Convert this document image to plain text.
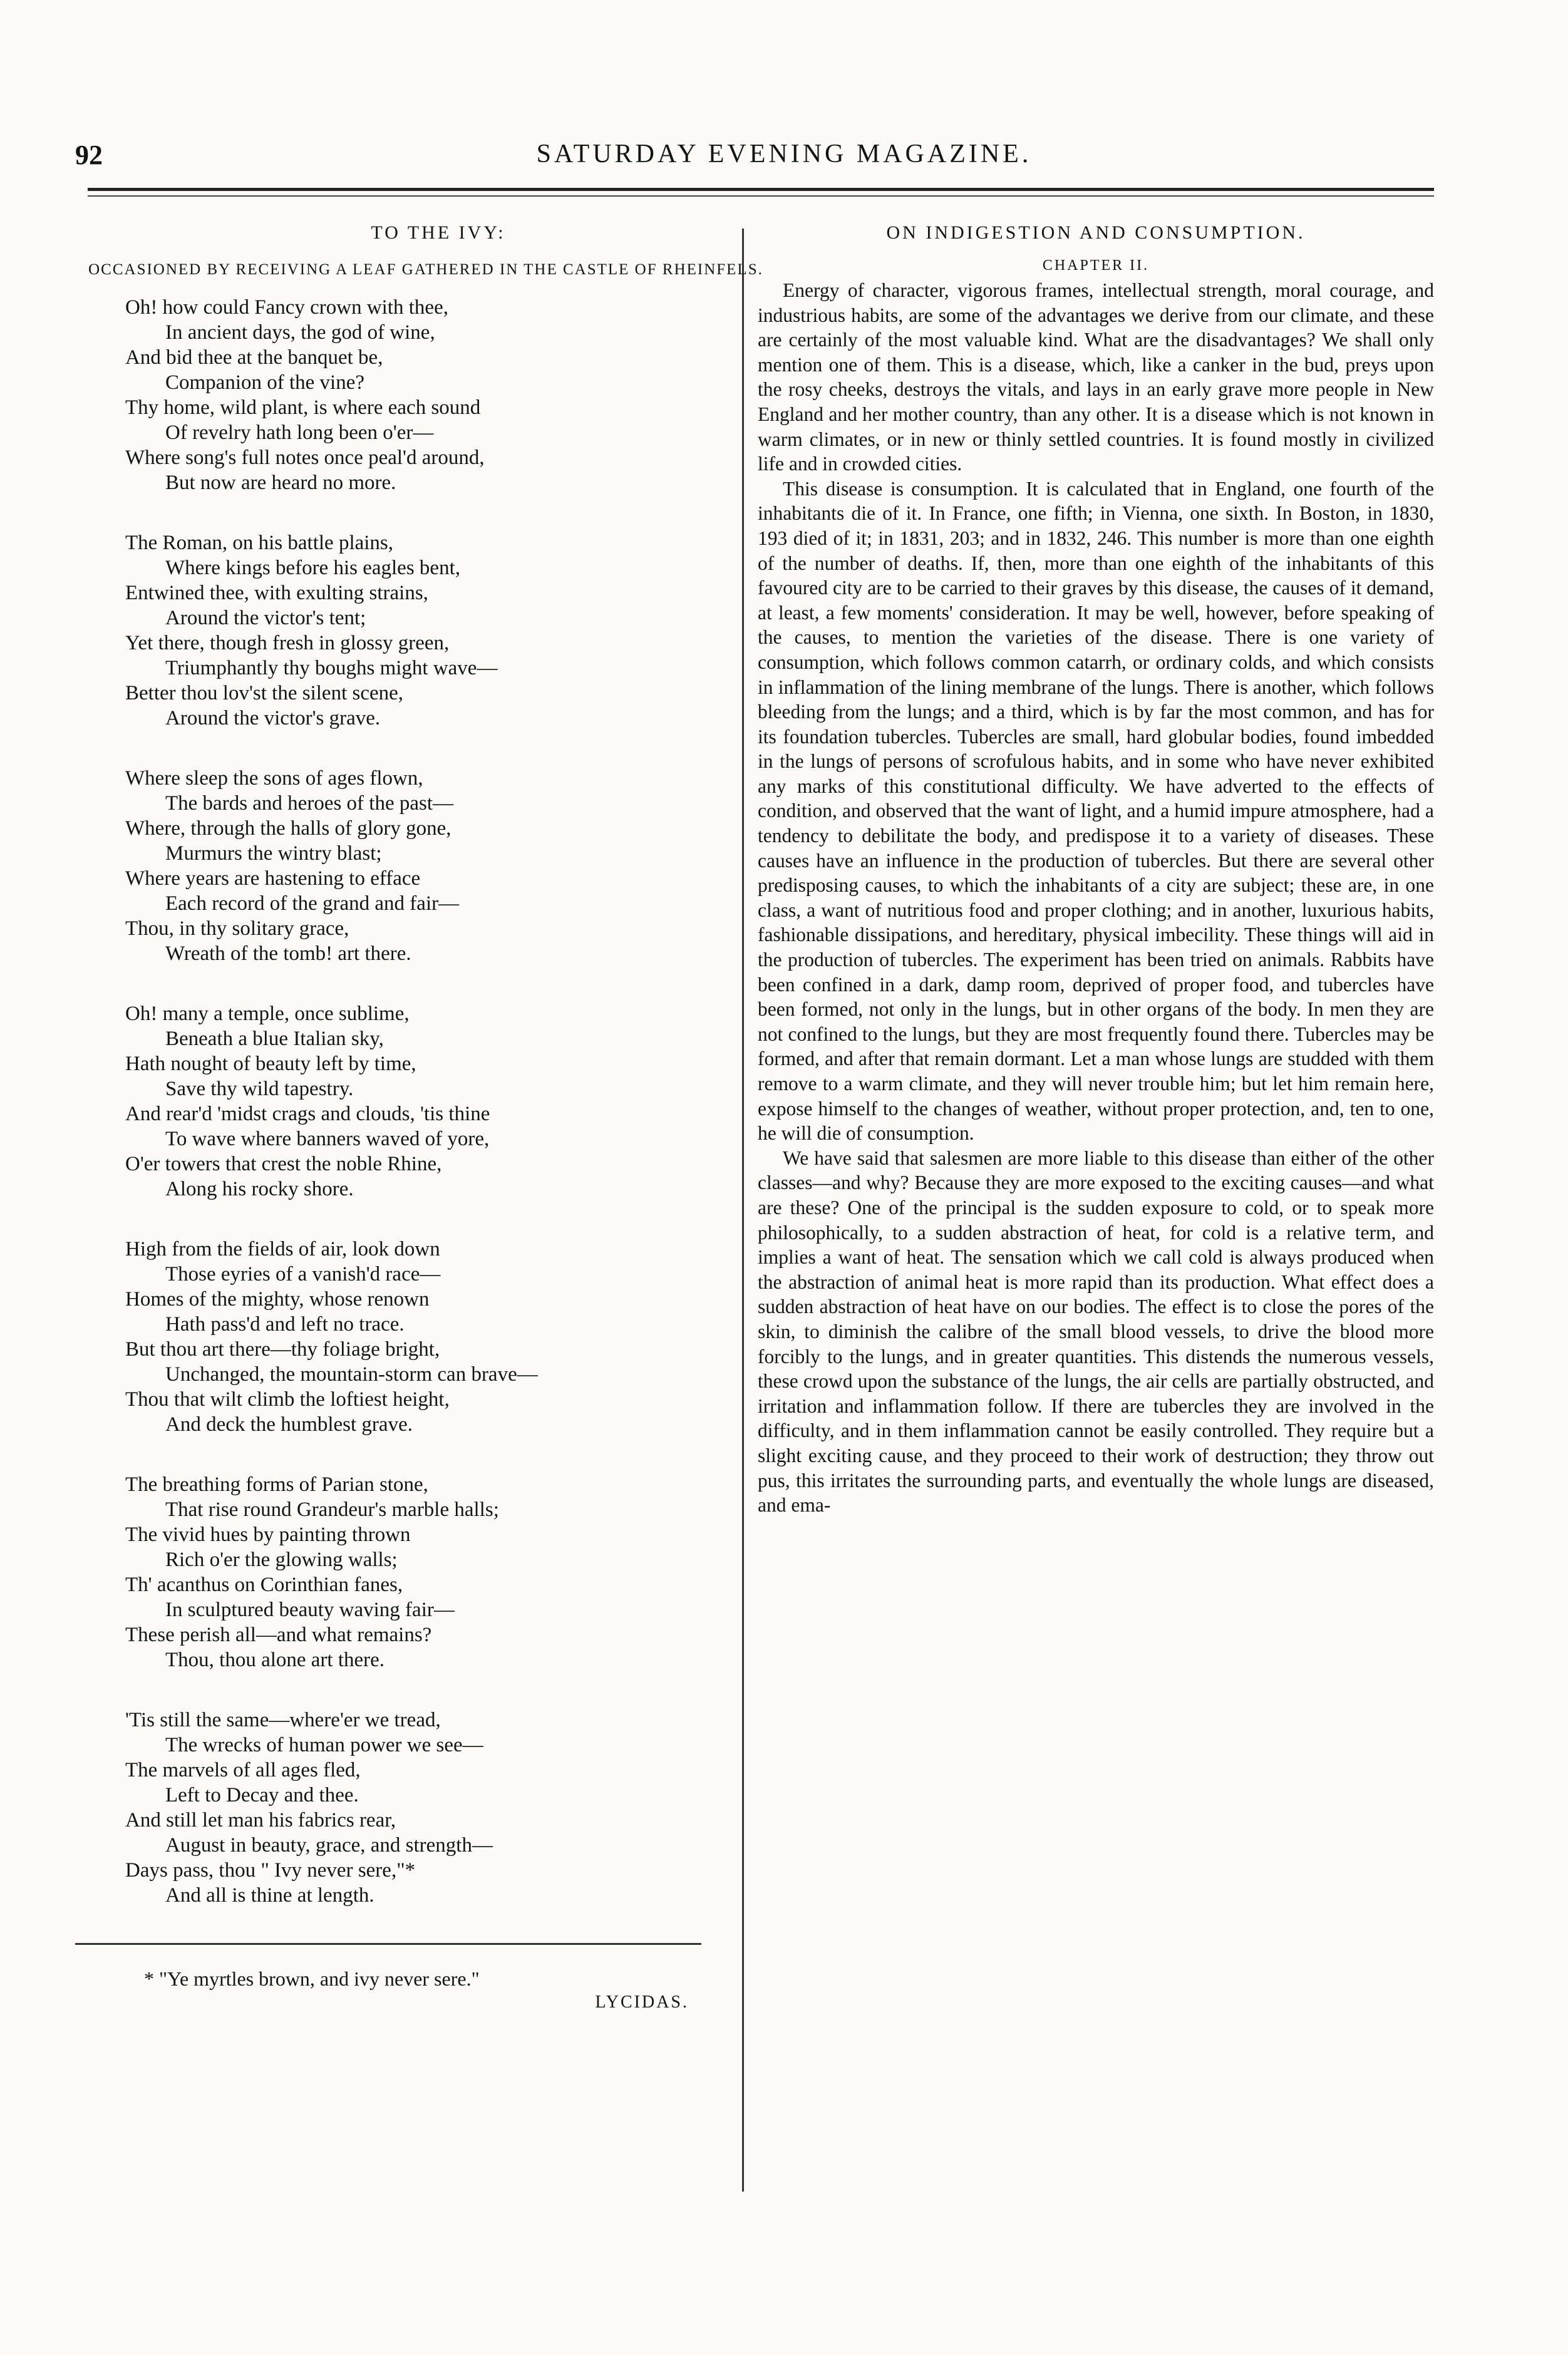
92	SATURDAY EVENING MAGAZINE.
TO THE IVY:
OCCASIONED BY RECEIVING A LEAF GATHERED IN THE CASTLE OF RHEINFELS.
Oh! how could Fancy crown with thee,
In ancient days, the god of wine,
And bid thee at the banquet be,
Companion of the vine?
Thy home, wild plant, is where each sound
Of revelry hath long been o'er—
Where song's full notes once peal'd around,
But now are heard no more.
The Roman, on his battle plains,
Where kings before his eagles bent,
Entwined thee, with exulting strains,
Around the victor's tent;
Yet there, though fresh in glossy green,
Triumphantly thy boughs might wave—
Better thou lov'st the silent scene,
Around the victor's grave.
Where sleep the sons of ages flown,
The bards and heroes of the past—
Where, through the halls of glory gone,
Murmurs the wintry blast;
Where years are hastening to efface
Each record of the grand and fair—
Thou, in thy solitary grace,
Wreath of the tomb! art there.
Oh! many a temple, once sublime,
Beneath a blue Italian sky,
Hath nought of beauty left by time,
Save thy wild tapestry.
And rear'd 'midst crags and clouds, 'tis thine
To wave where banners waved of yore,
O'er towers that crest the noble Rhine,
Along his rocky shore.
High from the fields of air, look down
Those eyries of a vanish'd race—
Homes of the mighty, whose renown
Hath pass'd and left no trace.
But thou art there—thy foliage bright,
Unchanged, the mountain-storm can brave—
Thou that wilt climb the loftiest height,
And deck the humblest grave.
The breathing forms of Parian stone,
That rise round Grandeur's marble halls;
The vivid hues by painting thrown
Rich o'er the glowing walls;
Th' acanthus on Corinthian fanes,
In sculptured beauty waving fair—
These perish all—and what remains?
Thou, thou alone art there.
'Tis still the same—where'er we tread,
The wrecks of human power we see—
The marvels of all ages fled,
Left to Decay and thee.
And still let man his fabrics rear,
August in beauty, grace, and strength—
Days pass, thou " Ivy never sere,"*
And all is thine at length.
* "Ye myrtles brown, and ivy never sere."
LYCIDAS.
ON INDIGESTION AND CONSUMPTION.
CHAPTER II.

Energy of character, vigorous frames, intellectual strength, moral courage, and industrious habits, are some of the advantages we derive from our climate, and these are certainly of the most valuable kind. What are the disadvantages? We shall only mention one of them. This is a disease, which, like a canker in the bud, preys upon the rosy cheeks, destroys the vitals, and lays in an early grave more people in New England and her mother country, than any other. It is a disease which is not known in warm climates, or in new or thinly settled countries. It is found mostly in civilized life and in crowded cities.

This disease is consumption. It is calculated that in England, one fourth of the inhabitants die of it. In France, one fifth; in Vienna, one sixth. In Boston, in 1830, 193 died of it; in 1831, 203; and in 1832, 246. This number is more than one eighth of the number of deaths. If, then, more than one eighth of the inhabitants of this favoured city are to be carried to their graves by this disease, the causes of it demand, at least, a few moments' consideration. It may be well, however, before speaking of the causes, to mention the varieties of the disease. There is one variety of consumption, which follows common catarrh, or ordinary colds, and which consists in inflammation of the lining membrane of the lungs. There is another, which follows bleeding from the lungs; and a third, which is by far the most common, and has for its foundation tubercles. Tubercles are small, hard globular bodies, found imbedded in the lungs of persons of scrofulous habits, and in some who have never exhibited any marks of this constitutional difficulty. We have adverted to the effects of condition, and observed that the want of light, and a humid impure atmosphere, had a tendency to debilitate the body, and predispose it to a variety of diseases. These causes have an influence in the production of tubercles. But there are several other predisposing causes, to which the inhabitants of a city are subject; these are, in one class, a want of nutritious food and proper clothing; and in another, luxurious habits, fashionable dissipations, and hereditary, physical imbecility. These things will aid in the production of tubercles. The experiment has been tried on animals. Rabbits have been confined in a dark, damp room, deprived of proper food, and tubercles have been formed, not only in the lungs, but in other organs of the body. In men they are not confined to the lungs, but they are most frequently found there. Tubercles may be formed, and after that remain dormant. Let a man whose lungs are studded with them remove to a warm climate, and they will never trouble him; but let him remain here, expose himself to the changes of weather, without proper protection, and, ten to one, he will die of consumption.

We have said that salesmen are more liable to this disease than either of the other classes—and why? Because they are more exposed to the exciting causes—and what are these? One of the principal is the sudden exposure to cold, or to speak more philosophically, to a sudden abstraction of heat, for cold is a relative term, and implies a want of heat. The sensation which we call cold is always produced when the abstraction of animal heat is more rapid than its production. What effect does a sudden abstraction of heat have on our bodies. The effect is to close the pores of the skin, to diminish the calibre of the small blood vessels, to drive the blood more forcibly to the lungs, and in greater quantities. This distends the numerous vessels, these crowd upon the substance of the lungs, the air cells are partially obstructed, and irritation and inflammation follow. If there are tubercles they are involved in the difficulty, and in them inflammation cannot be easily controlled. They require but a slight exciting cause, and they proceed to their work of destruction; they throw out pus, this irritates the surrounding parts, and eventually the whole lungs are diseased, and ema-
